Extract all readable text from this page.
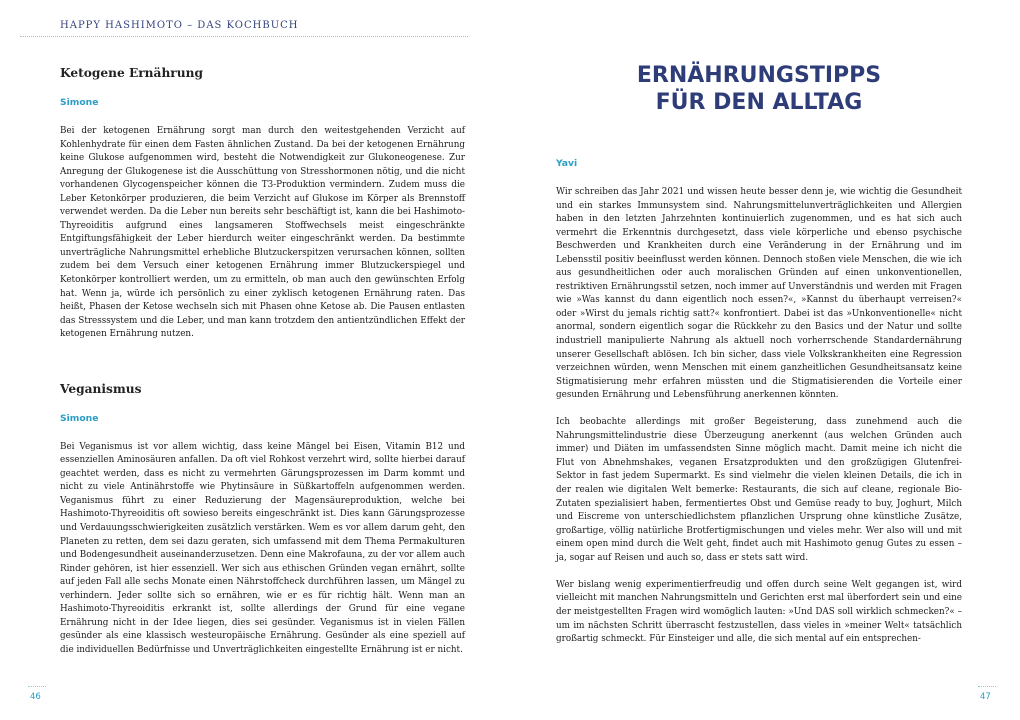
HAPPY HASHIMOTO – DAS KOCHBUCH
Ketogene Ernährung
Simone

Bei der ketogenen Ernährung sorgt man durch den weitestgehenden Verzicht auf Kohlenhydrate für einen dem Fasten ähnlichen Zustand. Da bei der ketogenen Ernährung keine Glukose aufgenommen wird, besteht die Notwendigkeit zur Glukoneogenese. Zur Anregung der Glukogenese ist die Ausschüttung von Stresshormonen nötig, und die nicht vorhandenen Glycogenspeicher können die T3-Produktion vermindern. Zudem muss die Leber Ketonkörper produzieren, die beim Verzicht auf Glukose im Körper als Brennstoff verwendet werden. Da die Leber nun bereits sehr beschäftigt ist, kann die bei Hashimoto-Thyreoiditis aufgrund eines langsameren Stoffwechsels meist eingeschränkte Entgiftungsfähigkeit der Leber hierdurch weiter eingeschränkt werden. Da bestimmte unverträgliche Nahrungsmittel erhebliche Blutzuckerspitzen verursachen können, sollten zudem bei dem Versuch einer ketogenen Ernährung immer Blutzuckerspiegel und Ketonkörper kontrolliert werden, um zu ermitteln, ob man auch den gewünschten Erfolg hat. Wenn ja, würde ich persönlich zu einer zyklisch ketogenen Ernährung raten. Das heißt, Phasen der Ketose wechseln sich mit Phasen ohne Ketose ab. Die Pausen entlasten das Stresssystem und die Leber, und man kann trotzdem den antientzündlichen Effekt der ketogenen Ernährung nutzen.

Veganismus
Simone

Bei Veganismus ist vor allem wichtig, dass keine Mängel bei Eisen, Vitamin B12 und essenziellen Aminosäuren anfallen. Da oft viel Rohkost verzehrt wird, sollte hierbei darauf geachtet werden, dass es nicht zu vermehrten Gärungsprozessen im Darm kommt und nicht zu viele Antinährstoffe wie Phytinsäure in Süßkartoffeln aufgenommen werden. Veganismus führt zu einer Reduzierung der Magensäureproduktion, welche bei Hashimoto-Thyreoiditis oft sowieso bereits eingeschränkt ist. Dies kann Gärungsprozesse und Verdauungsschwierigkeiten zusätzlich verstärken. Wem es vor allem darum geht, den Planeten zu retten, dem sei dazu geraten, sich umfassend mit dem Thema Permakulturen und Bodengesundheit auseinanderzusetzen. Denn eine Makrofauna, zu der vor allem auch Rinder gehören, ist hier essenziell. Wer sich aus ethischen Gründen vegan ernährt, sollte auf jeden Fall alle sechs Monate einen Nährstoffcheck durchführen lassen, um Mängel zu verhindern. Jeder sollte sich so ernähren, wie er es für richtig hält. Wenn man an Hashimoto-Thyreoiditis erkrankt ist, sollte allerdings der Grund für eine vegane Ernährung nicht in der Idee liegen, dies sei gesünder. Veganismus ist in vielen Fällen gesünder als eine klassisch westeuropäische Ernährung. Gesünder als eine speziell auf die individuellen Bedürfnisse und Unverträglichkeiten eingestellte Ernährung ist er nicht.

46
ERNÄHRUNGSTIPPS
FÜR DEN ALLTAG
Yavi

Wir schreiben das Jahr 2021 und wissen heute besser denn je, wie wichtig die Gesundheit und ein starkes Immunsystem sind. Nahrungsmittelunverträglichkeiten und Allergien haben in den letzten Jahrzehnten kontinuierlich zugenommen, und es hat sich auch vermehrt die Erkenntnis durchgesetzt, dass viele körperliche und ebenso psychische Beschwerden und Krankheiten durch eine Veränderung in der Ernährung und im Lebensstil positiv beeinflusst werden können. Dennoch stoßen viele Menschen, die wie ich aus gesundheitlichen oder auch moralischen Gründen auf einen unkonventionellen, restriktiven Ernährungsstil setzen, noch immer auf Unverständnis und werden mit Fragen wie »Was kannst du dann eigentlich noch essen?«, »Kannst du überhaupt verreisen?« oder »Wirst du jemals richtig satt?« konfrontiert. Dabei ist das »Unkonventionelle« nicht anormal, sondern eigentlich sogar die Rückkehr zu den Basics und der Natur und sollte industriell manipulierte Nahrung als aktuell noch vorherrschende Standardernährung unserer Gesellschaft ablösen. Ich bin sicher, dass viele Volkskrankheiten eine Regression verzeichnen würden, wenn Menschen mit einem ganzheitlichen Gesundheitsansatz keine Stigmatisierung mehr erfahren müssten und die Stigmatisierenden die Vorteile einer gesunden Ernährung und Lebensführung anerkennen könnten.

Ich beobachte allerdings mit großer Begeisterung, dass zunehmend auch die Nahrungsmittelindustrie diese Überzeugung anerkennt (aus welchen Gründen auch immer) und Diäten im umfassendsten Sinne möglich macht. Damit meine ich nicht die Flut von Abnehmshakes, veganen Ersatzprodukten und den großzügigen Glutenfrei-Sektor in fast jedem Supermarkt. Es sind vielmehr die vielen kleinen Details, die ich in der realen wie digitalen Welt bemerke: Restaurants, die sich auf cleane, regionale Bio-Zutaten spezialisiert haben, fermentiertes Obst und Gemüse ready to buy, Joghurt, Milch und Eiscreme von unterschiedlichstem pflanzlichen Ursprung ohne künstliche Zusätze, großartige, völlig natürliche Brotfertigmischungen und vieles mehr. Wer also will und mit einem open mind durch die Welt geht, findet auch mit Hashimoto genug Gutes zu essen – ja, sogar auf Reisen und auch so, dass er stets satt wird.

Wer bislang wenig experimentierfreudig und offen durch seine Welt gegangen ist, wird vielleicht mit manchen Nahrungsmitteln und Gerichten erst mal überfordert sein und eine der meistgestellten Fragen wird womöglich lauten: »Und DAS soll wirklich schmecken?« – um im nächsten Schritt überrascht festzustellen, dass vieles in »meiner Welt« tatsächlich großartig schmeckt. Für Einsteiger und alle, die sich mental auf ein entsprechen-

47
